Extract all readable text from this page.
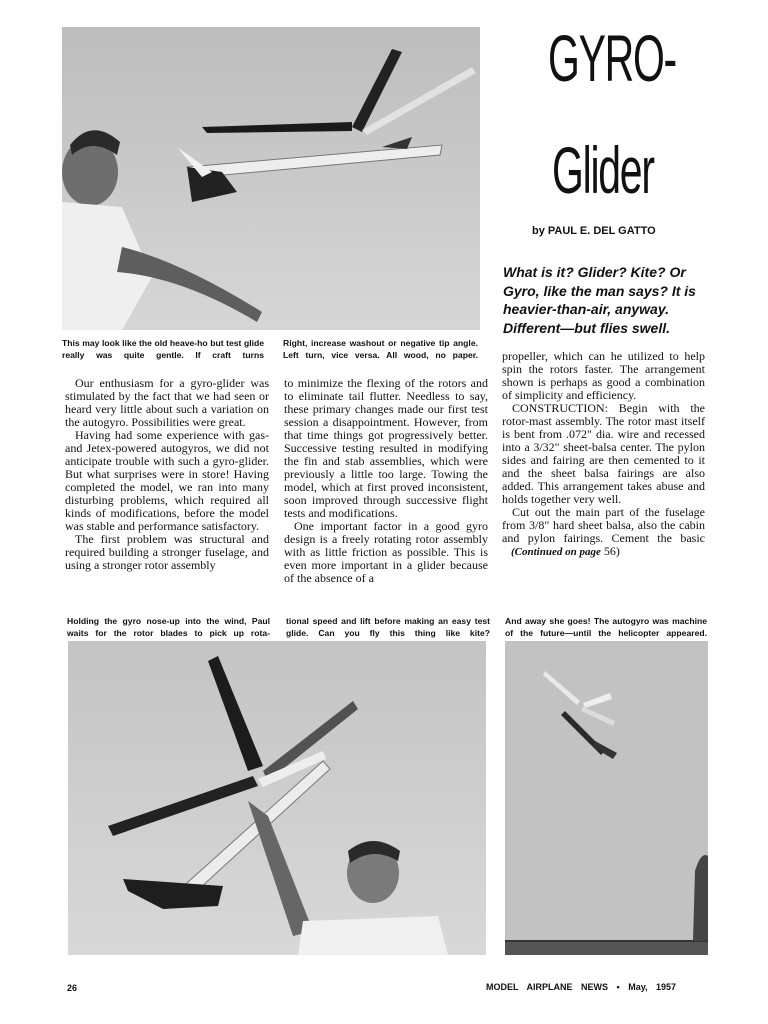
GYRO-
Glider
by PAUL E. DEL GATTO
What is it? Glider? Kite? Or Gyro, like the man says? It is heavier-than-air, anyway. Different—but flies swell.
This may look like the old heave-ho but test glide really was quite gentle. If craft turns
Right, increase washout or negative tip angle. Left turn, vice versa. All wood, no paper.

Our enthusiasm for a gyro-glider was stimulated by the fact that we had seen or heard very little about such a variation on the autogyro. Possibilities were great.

Having had some experience with gas- and Jetex-powered autogyros, we did not anticipate trouble with such a gyro-glider. But what surprises were in store! Having completed the model, we ran into many disturbing problems, which required all kinds of modifications, before the model was stable and performance satisfactory.

The first problem was structural and required building a stronger fuselage, and using a stronger rotor assembly

to minimize the flexing of the rotors and to eliminate tail flutter. Needless to say, these primary changes made our first test session a disappointment. However, from that time things got progressively better. Successive testing resulted in modifying the fin and stab assemblies, which were previously a little too large. Towing the model, which at first proved inconsistent, soon improved through successive flight tests and modifications.

One important factor in a good gyro design is a freely rotating rotor assembly with as little friction as possible. This is even more important in a glider because of the absence of a

propeller, which can he utilized to help spin the rotors faster. The arrangement shown is perhaps as good a combination of simplicity and efficiency.

CONSTRUCTION: Begin with the rotor-mast assembly. The rotor mast itself is bent from .072" dia. wire and recessed into a 3/32" sheet-balsa center. The pylon sides and fairing are then cemented to it and the sheet balsa fairings are also added. This arrangement takes abuse and holds together very well.

Cut out the main part of the fuselage from 3/8" hard sheet balsa, also the cabin and pylon fairings. Cement the basic    (Continued on page 56)

Holding the gyro nose-up into the wind, Paul waits for the rotor blades to pick up rota-
tional speed and lift before making an easy test glide. Can you fly this thing like kite?
And away she goes! The autogyro was machine of the future—until the helicopter appeared.
26	MODEL AIRPLANE NEWS • May, 1957
